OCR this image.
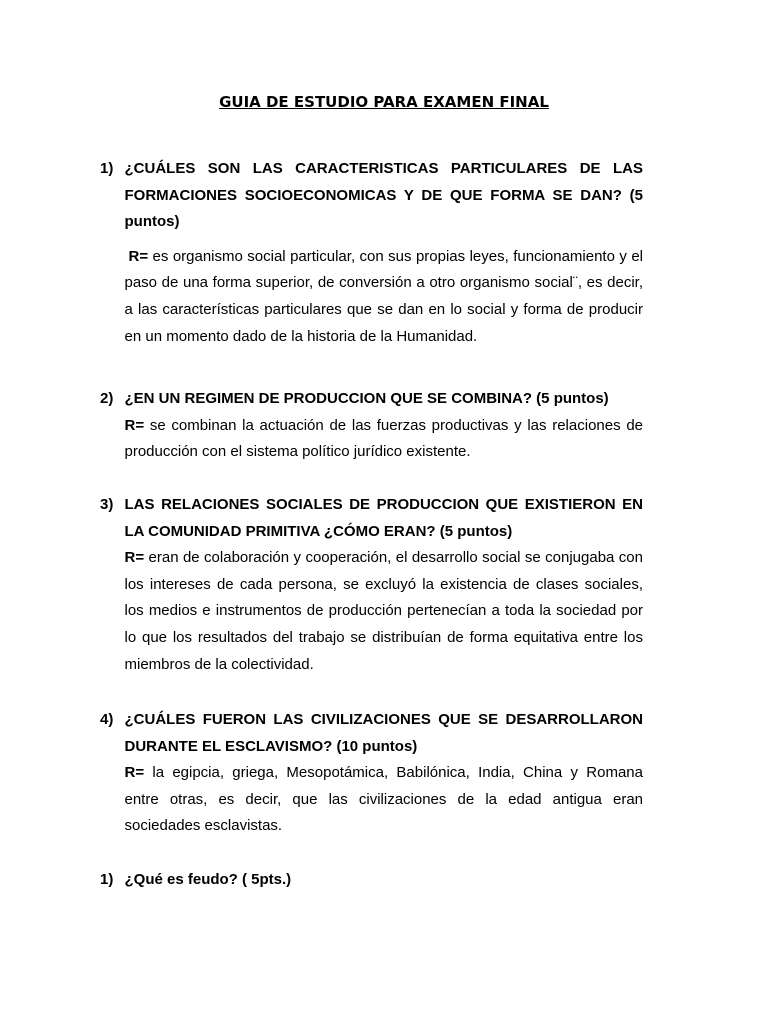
GUIA DE ESTUDIO PARA EXAMEN FINAL
1) ¿CUÁLES SON LAS CARACTERISTICAS PARTICULARES DE LAS FORMACIONES SOCIOECONOMICAS Y DE QUE FORMA SE DAN? (5 puntos)

R= es organismo social particular, con sus propias leyes, funcionamiento y el paso de una forma superior, de conversión a otro organismo social¨, es decir, a las características particulares que se dan en lo social y forma de producir en un momento dado de la historia de la Humanidad.

2) ¿EN UN REGIMEN DE PRODUCCION QUE SE COMBINA? (5 puntos)

R= se combinan la actuación de las fuerzas productivas y las relaciones de producción con el sistema político jurídico existente.

3) LAS RELACIONES SOCIALES DE PRODUCCION QUE EXISTIERON EN LA COMUNIDAD PRIMITIVA ¿CÓMO ERAN? (5 puntos)

R= eran de colaboración y cooperación, el desarrollo social se conjugaba con los intereses de cada persona, se excluyó la existencia de clases sociales, los medios e instrumentos de producción pertenecían a toda la sociedad por lo que los resultados del trabajo se distribuían de forma equitativa entre los miembros de la colectividad.

4) ¿CUÁLES FUERON LAS CIVILIZACIONES QUE SE DESARROLLARON DURANTE EL ESCLAVISMO? (10 puntos)

R= la egipcia, griega, Mesopotámica, Babilónica, India, China y Romana entre otras, es decir, que las civilizaciones de la edad antigua eran sociedades esclavistas.

1) ¿Qué es feudo? ( 5pts.)
